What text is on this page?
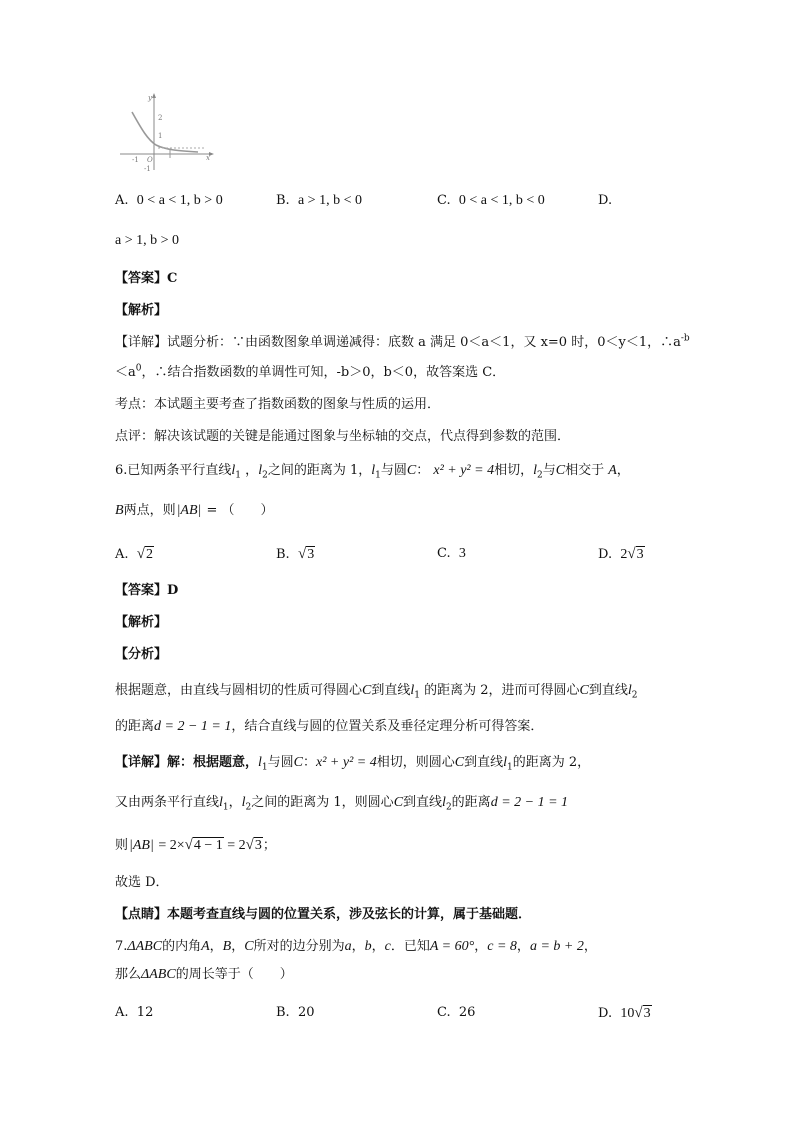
y
x
2
1
-1 O
-1
A. 0 < a < 1, b > 0	B. a > 1, b < 0	C. 0 < a < 1, b < 0	D.
a > 1, b > 0
【答案】C
【解析】
【详解】试题分析：∵由函数图象单调递减得：底数 a 满足 0＜a＜1，又 x=0 时，0＜y＜1，$\therefore a^{-b}$
$<a^0$，∴结合指数函数的单调性可知，-b＞0，b＜0，故答案选 C．
考点：本试题主要考查了指数函数的图象与性质的运用．
点评：解决该试题的关键是能通过图象与坐标轴的交点，代点得到参数的范围．
6.已知两条平行直线$l_1$ ，$l_2$之间的距离为 1，$l_1$与圆C： x² + y² = 4相切，$l_2$与C相交于 A，
B两点，则|AB| = （　　）
A. √2	B. √3	C. 3	D. 2√3
【答案】D
【解析】
【分析】
根据题意，由直线与圆相切的性质可得圆心C到直线$l_1$ 的距离为 2，进而可得圆心C到直线$l_2$
的距离d = 2 − 1 = 1，结合直线与圆的位置关系及垂径定理分析可得答案．
【详解】解：根据题意，$l_1$与圆C：x² + y² = 4相切，则圆心C到直线$l_1$的距离为 2，
又由两条平行直线$l_1$，$l_2$之间的距离为 1，则圆心C到直线$l_2$的距离d = 2 − 1 = 1
则|AB| = 2×√4 − 1 = 2√3；
故选 D．
【点睛】本题考查直线与圆的位置关系，涉及弦长的计算，属于基础题．
7.ΔABC的内角A，B，C所对的边分别为a，b，c．已知A = 60°，c = 8，a = b + 2，
那么ΔABC的周长等于（　　）
A. 12	B. 20	C. 26	D. 10√3
